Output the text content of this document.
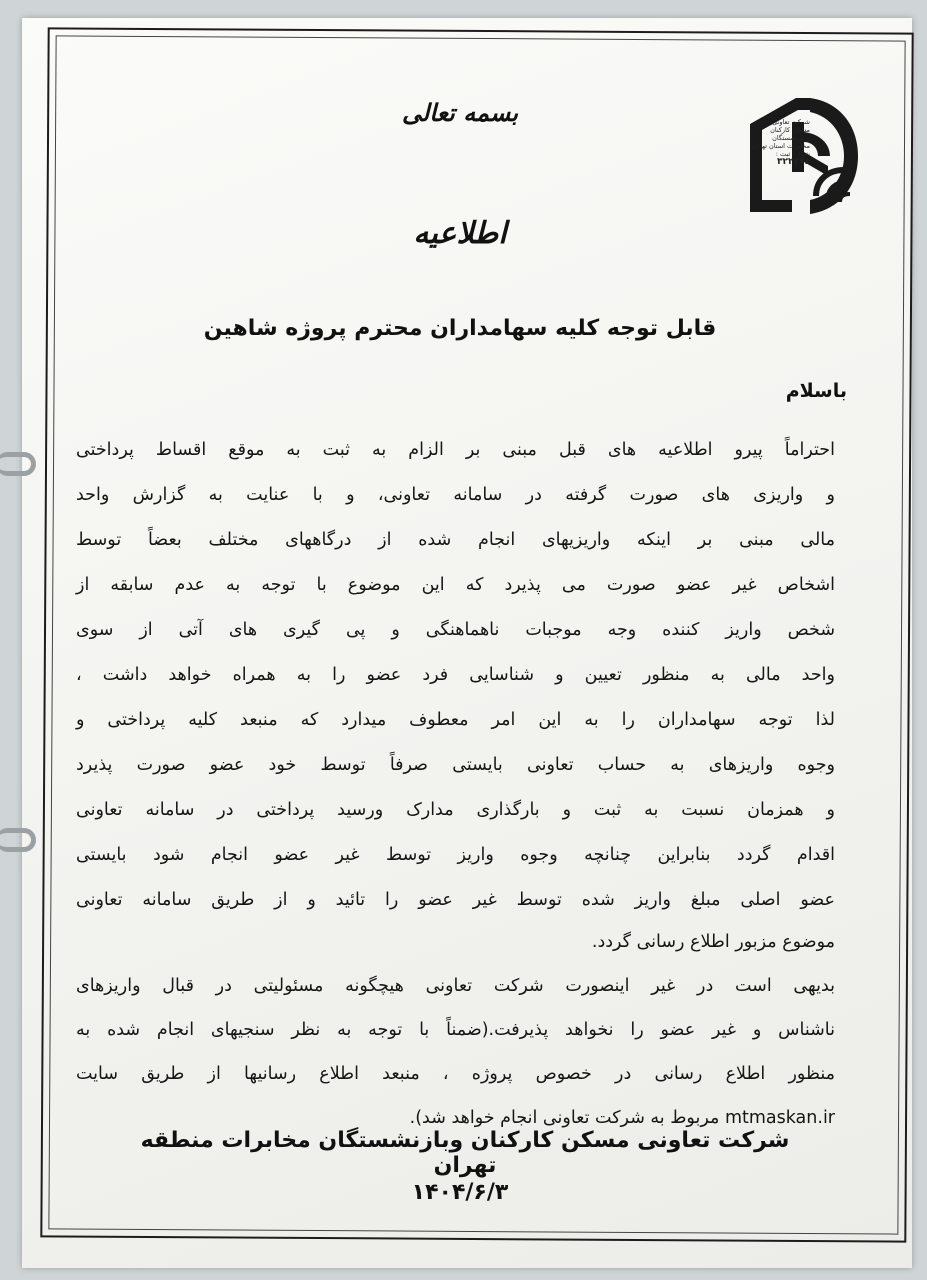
شرکت تعاونی
مسکن کارکنان
و بازنشستگان
مخابرات استان تهران
شماره ثبت :
۳۲۲۷۷۶
بسمه تعالی
اطلاعیه
قابل توجه کلیه سهامداران محترم پروژه شاهین
باسلام
احتراماً پیرو اطلاعیه های قبل مبنی بر الزام به ثبت به موقع اقساط پرداختی
و واریزی های صورت گرفته در سامانه تعاونی، و با عنایت به گزارش واحد
مالی مبنی بر اینکه واریزیهای انجام شده از درگاههای مختلف بعضاً توسط
اشخاص غیر عضو صورت می پذیرد که این موضوع با توجه به عدم سابقه از
شخص واریز کننده وجه موجبات ناهماهنگی و پی گیری های آتی از سوی
واحد مالی به منظور تعیین و شناسایی فرد عضو را به همراه خواهد داشت ،
لذا توجه سهامداران را به این امر معطوف میدارد که منبعد کلیه پرداختی و
وجوه واریزهای به حساب تعاونی بایستی صرفاً توسط خود عضو صورت پذیرد
و همزمان نسبت به ثبت و بارگذاری مدارک ورسید پرداختی در سامانه تعاونی
اقدام گردد بنابراین چنانچه وجوه واریز توسط غیر عضو انجام شود بایستی
عضو اصلی مبلغ واریز شده توسط غیر عضو را تائید و از طریق سامانه تعاونی
موضوع مزبور اطلاع رسانی گردد.
بدیهی است در غیر اینصورت شرکت تعاونی هیچگونه مسئولیتی در قبال واریزهای
ناشناس و غیر عضو را نخواهد پذیرفت.(ضمناً با توجه به نظر سنجیهای انجام شده به
منظور اطلاع رسانی در خصوص پروژه ، منبعد اطلاع رسانیها از طریق سایت
mtmaskan.ir مربوط به شرکت تعاونی انجام خواهد شد).
شرکت تعاونی مسکن کارکنان وبازنشستگان مخابرات منطقه تهران
۱۴۰۴/۶/۳
